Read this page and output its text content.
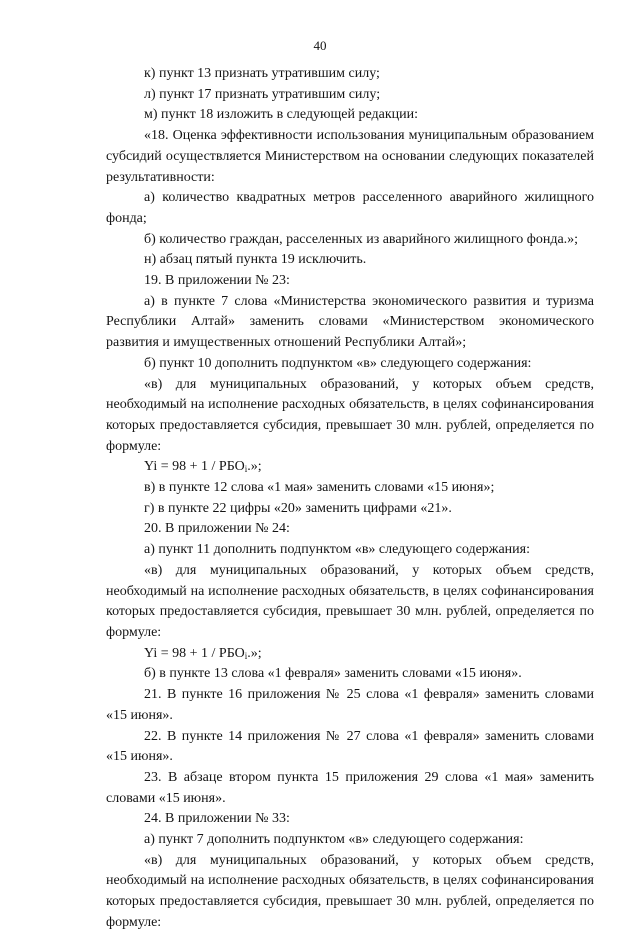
40

к) пункт 13 признать утратившим силу;

л) пункт 17 признать утратившим силу;

м) пункт 18 изложить в следующей редакции:

«18. Оценка эффективности использования муниципальным образованием субсидий осуществляется Министерством на основании следующих показателей результативности:

а) количество квадратных метров расселенного аварийного жилищного фонда;

б) количество граждан, расселенных из аварийного жилищного фонда.»;

н) абзац пятый пункта 19 исключить.

19. В приложении № 23:

а) в пункте 7 слова «Министерства экономического развития и туризма Республики Алтай» заменить словами «Министерством экономического развития и имущественных отношений Республики Алтай»;

б) пункт 10 дополнить подпунктом «в» следующего содержания:

«в) для муниципальных образований, у которых объем средств, необходимый на исполнение расходных обязательств, в целях софинансирования которых предоставляется субсидия, превышает 30 млн. рублей, определяется по формуле:

$Yi = 98 + 1 / РБО_i$.»;

в) в пункте 12 слова «1 мая» заменить словами «15 июня»;

г) в пункте 22 цифры «20» заменить цифрами «21».

20. В приложении № 24:

а) пункт 11 дополнить подпунктом «в» следующего содержания:

«в) для муниципальных образований, у которых объем средств, необходимый на исполнение расходных обязательств, в целях софинансирования которых предоставляется субсидия, превышает 30 млн. рублей, определяется по формуле:

$Yi = 98 + 1 / РБО_i$.»;

б) в пункте 13 слова «1 февраля» заменить словами «15 июня».

21. В пункте 16 приложения № 25 слова «1 февраля» заменить словами «15 июня».

22. В пункте 14 приложения № 27 слова «1 февраля» заменить словами «15 июня».

23. В абзаце втором пункта 15 приложения 29 слова «1 мая» заменить словами «15 июня».

24. В приложении № 33:

а) пункт 7 дополнить подпунктом «в» следующего содержания:

«в) для муниципальных образований, у которых объем средств, необходимый на исполнение расходных обязательств, в целях софинансирования которых предоставляется субсидия, превышает 30 млн. рублей, определяется по формуле:
